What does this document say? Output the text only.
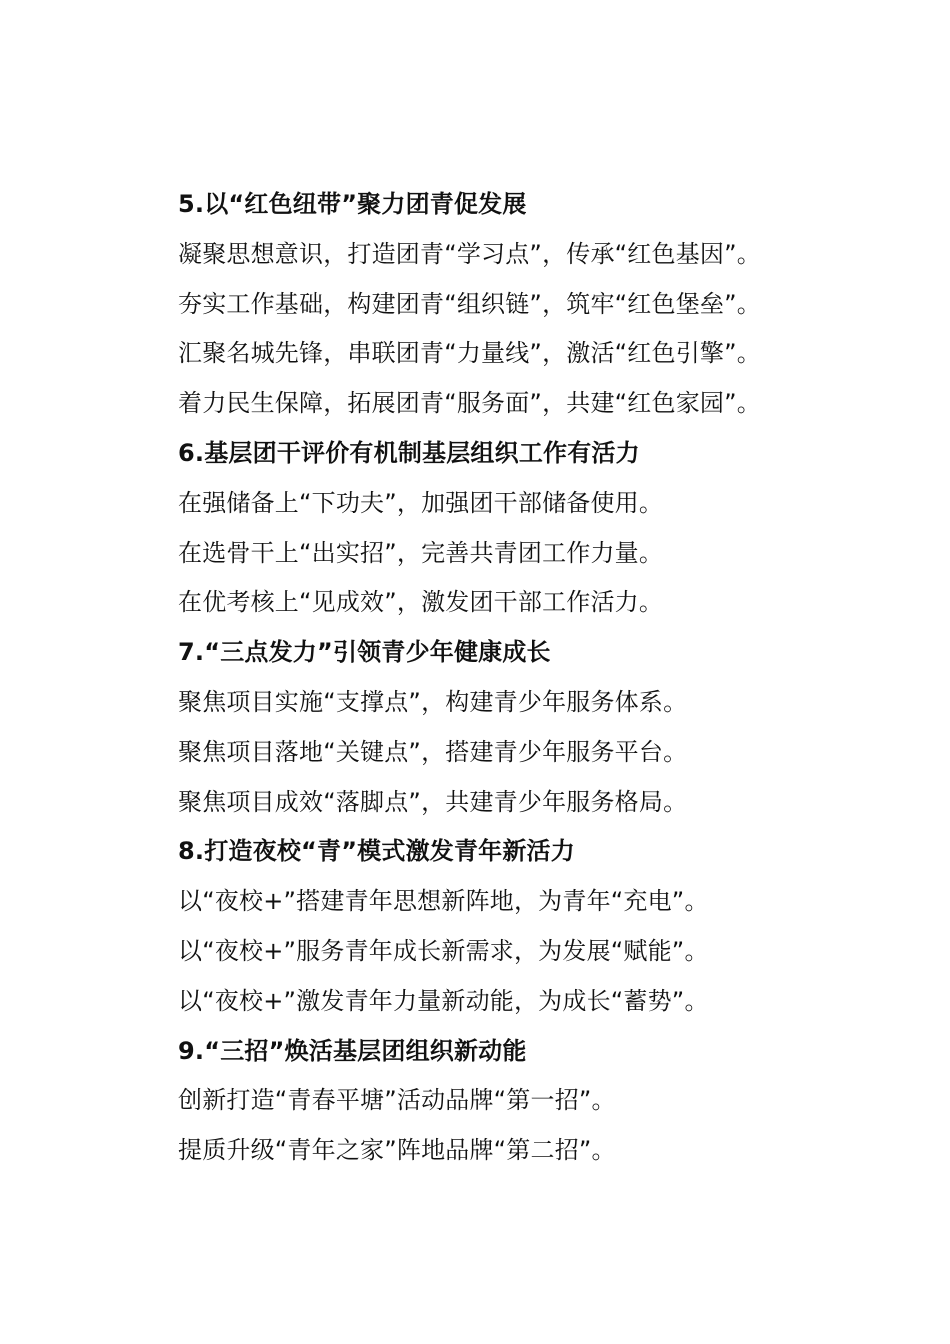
5.以“红色纽带”聚力团青促发展
凝聚思想意识，打造团青“学习点”，传承“红色基因”。
夯实工作基础，构建团青“组织链”，筑牢“红色堡垒”。
汇聚名城先锋，串联团青“力量线”，激活“红色引擎”。
着力民生保障，拓展团青“服务面”，共建“红色家园”。
6.基层团干评价有机制基层组织工作有活力
在强储备上“下功夫”，加强团干部储备使用。
在选骨干上“出实招”，完善共青团工作力量。
在优考核上“见成效”，激发团干部工作活力。
7.“三点发力”引领青少年健康成长
聚焦项目实施“支撑点”，构建青少年服务体系。
聚焦项目落地“关键点”，搭建青少年服务平台。
聚焦项目成效“落脚点”，共建青少年服务格局。
8.打造夜校“青”模式激发青年新活力
以“夜校+”搭建青年思想新阵地，为青年“充电”。
以“夜校+”服务青年成长新需求，为发展“赋能”。
以“夜校+”激发青年力量新动能，为成长“蓄势”。
9.“三招”焕活基层团组织新动能
创新打造“青春平塘”活动品牌“第一招”。
提质升级“青年之家”阵地品牌“第二招”。
